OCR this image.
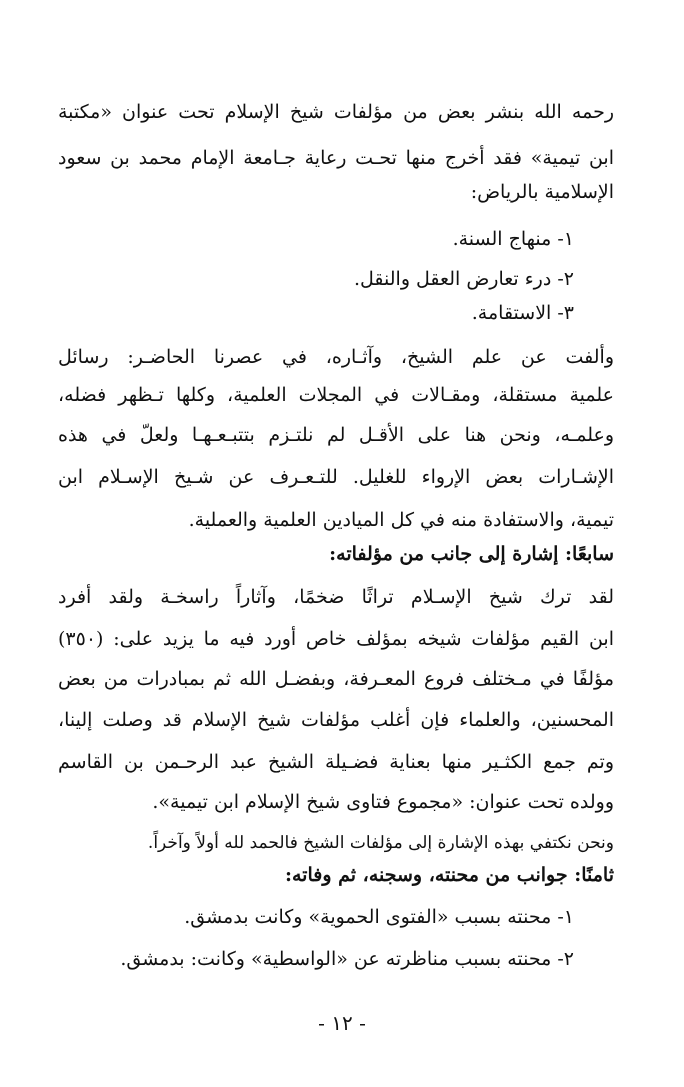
رحمه الله بنشر بعض من مؤلفات شيخ الإسلام تحت عنوان «مكتبة
ابن تيمية» فقد أخرج منها تحـت رعاية جـامعة الإمام محمد بن سعود
الإسلامية بالرياض:
١- منهاج السنة.
٢- درء تعارض العقل والنقل.
٣- الاستقامة.
وألفت عن علم الشيخ، وآثـاره، في عصرنا الحاضـر: رسائل
علمية مستقلة، ومقـالات في المجلات العلمية، وكلها تـظهر فضله،
وعلمـه، ونحن هنا على الأقـل لم نلتـزم بتتبـعـهـا ولعلّ في هذه
الإشـارات بعض الإرواء للغليل. للتـعـرف عن شـيخ الإسـلام ابن
تيمية، والاستفادة منه في كل الميادين العلمية والعملية.
سابعًا: إشارة إلى جانب من مؤلفاته:
لقد ترك شيخ الإسـلام تراثًا ضخمًا، وآثاراً راسخـة ولقد أفرد
ابن القيم مؤلفات شيخه بمؤلف خاص أورد فيه ما يزيد على: (٣٥٠)
مؤلفًا في مـختلف فروع المعـرفة، وبفضـل الله ثم بمبادرات من بعض
المحسنين، والعلماء فإن أغلب مؤلفات شيخ الإسلام قد وصلت إلينا،
وتم جمع الكثـير منها بعناية فضـيلة الشيخ عبد الرحـمن بن القاسم
وولده تحت عنوان: «مجموع فتاوى شيخ الإسلام ابن تيمية».
ونحن نكتفي بهذه الإشارة إلى مؤلفات الشيخ فالحمد لله أولاً وآخراً.
ثامنًا: جوانب من محنته، وسجنه، ثم وفاته:
١- محنته بسبب «الفتوى الحموية» وكانت بدمشق.
٢- محنته بسبب مناظرته عن «الواسطية» وكانت: بدمشق.
- ١٢ -
